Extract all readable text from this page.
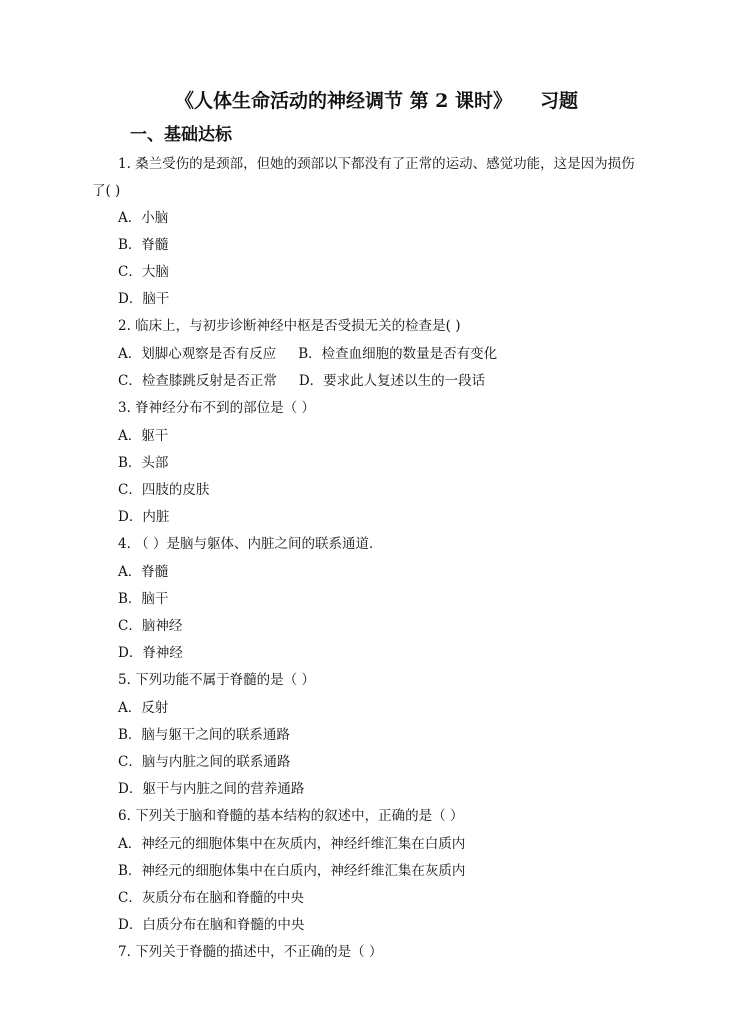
《人体生命活动的神经调节 第 2 课时》 习题
一、基础达标
1. 桑兰受伤的是颈部，但她的颈部以下都没有了正常的运动、感觉功能，这是因为损伤
了( )
A．小脑
B．脊髓
C．大脑
D．脑干
2. 临床上，与初步诊断神经中枢是否受损无关的检查是( )
A．划脚心观察是否有反应 B．检查血细胞的数量是否有变化
C．检查膝跳反射是否正常 D．要求此人复述以生的一段话
3. 脊神经分布不到的部位是（ ）
A．躯干
B．头部
C．四肢的皮肤
D．内脏
4. （ ）是脑与躯体、内脏之间的联系通道．
A．脊髓
B．脑干
C．脑神经
D．脊神经
5. 下列功能不属于脊髓的是（ ）
A．反射
B．脑与躯干之间的联系通路
C．脑与内脏之间的联系通路
D．躯干与内脏之间的营养通路
6. 下列关于脑和脊髓的基本结构的叙述中，正确的是（ ）
A．神经元的细胞体集中在灰质内，神经纤维汇集在白质内
B．神经元的细胞体集中在白质内，神经纤维汇集在灰质内
C．灰质分布在脑和脊髓的中央
D．白质分布在脑和脊髓的中央
7. 下列关于脊髓的描述中，不正确的是（ ）
